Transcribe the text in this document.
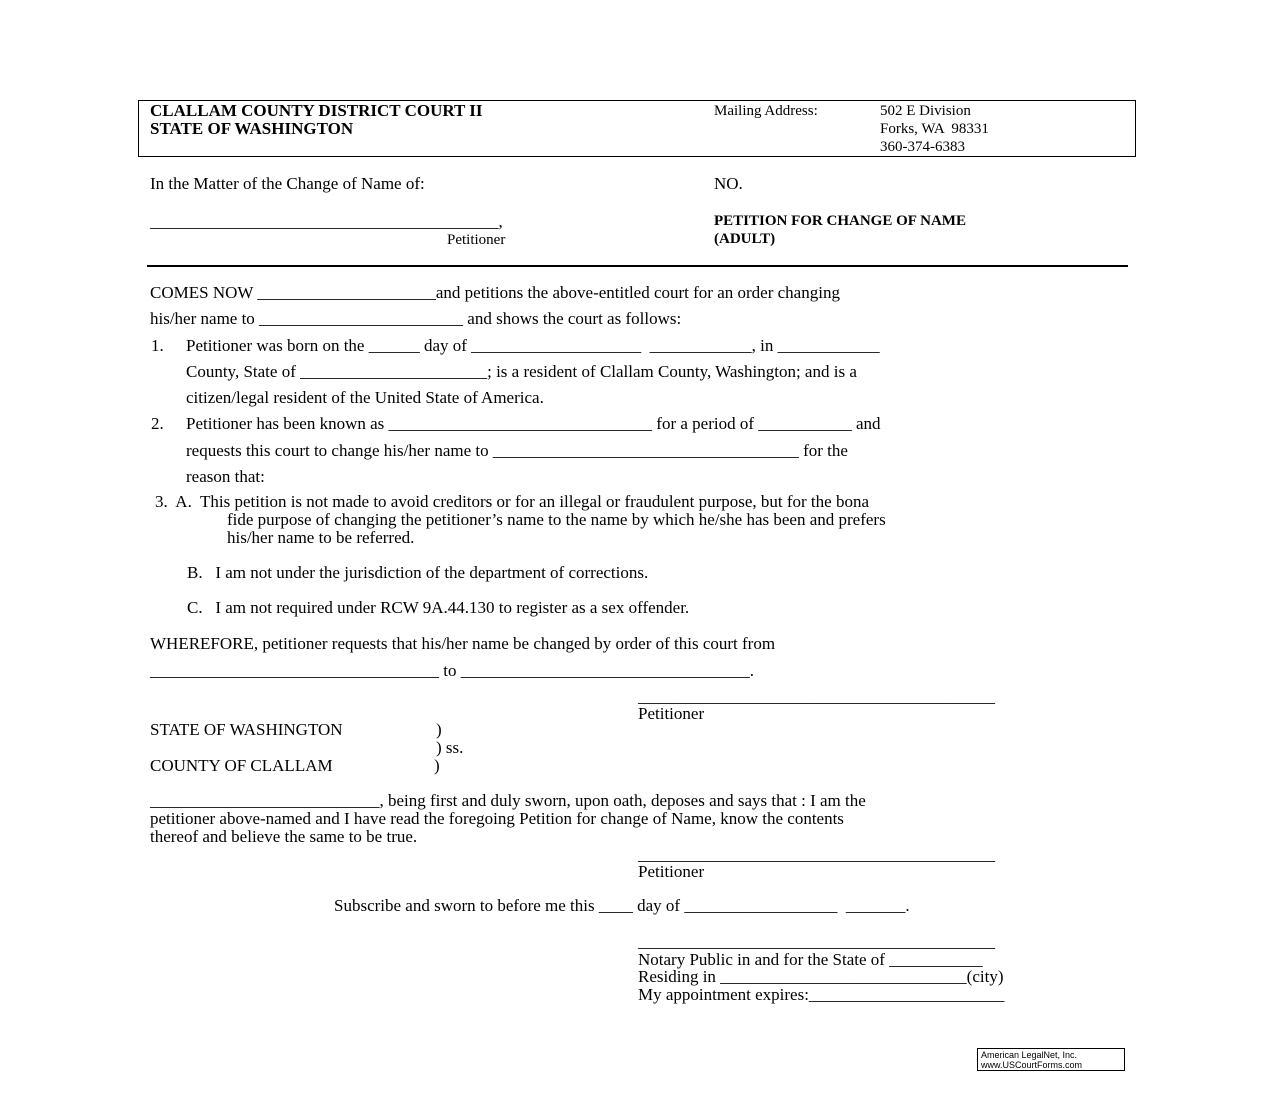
CLALLAM COUNTY DISTRICT COURT II
STATE OF WASHINGTON
Mailing Address:	502 E Division
Forks, WA  98331
360-374-6383
In the Matter of the Change of Name of:	NO.
_________________________________________,
Petitioner
PETITION FOR CHANGE OF NAME
(ADULT)
COMES NOW _____________________and petitions the above-entitled court for an order changing
his/her name to ________________________ and shows the court as follows:
1. Petitioner was born on the ______ day of ____________________  ____________, in ____________
County, State of ______________________; is a resident of Clallam County, Washington; and is a
citizen/legal resident of the United State of America.
2. Petitioner has been known as _______________________________ for a period of ___________ and
requests this court to change his/her name to ____________________________________ for the
reason that:
3.  A.  This petition is not made to avoid creditors or for an illegal or fraudulent purpose, but for the bona
fide purpose of changing the petitioner’s name to the name by which he/she has been and prefers
his/her name to be referred.
B.   I am not under the jurisdiction of the department of corrections.
C.   I am not required under RCW 9A.44.130 to register as a sex offender.
WHEREFORE, petitioner requests that his/her name be changed by order of this court from
__________________________________ to __________________________________.
__________________________________________
Petitioner
STATE OF WASHINGTON	)
) ss.
COUNTY OF CLALLAM	)
___________________________, being first and duly sworn, upon oath, deposes and says that : I am the
petitioner above-named and I have read the foregoing Petition for change of Name, know the contents
thereof and believe the same to be true.
__________________________________________
Petitioner
Subscribe and sworn to before me this ____ day of __________________  _______.
__________________________________________
Notary Public in and for the State of ___________
Residing in _____________________________(city)
My appointment expires:_______________________
American LegalNet, Inc.
www.USCourtForms.com
